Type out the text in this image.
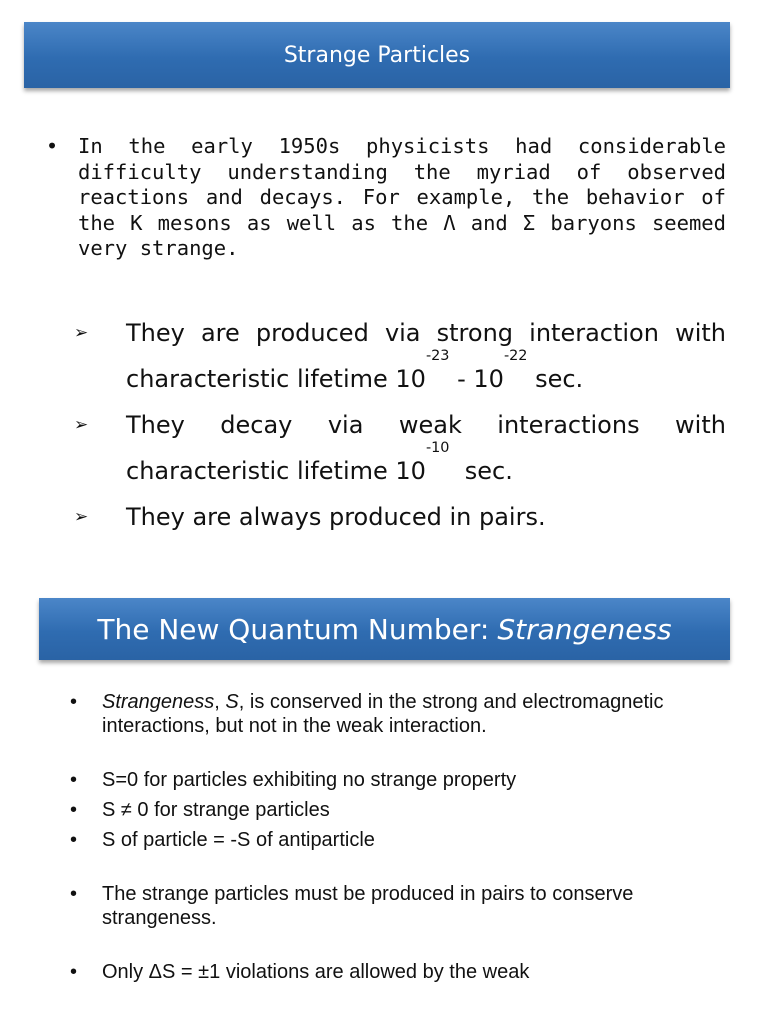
Strange Particles
• In the early 1950s physicists had considerable difficulty understanding the myriad of observed reactions and decays. For example, the behavior of the K mesons as well as the Λ and Σ baryons seemed very strange.
➢ They are produced via strong interaction with
characteristic lifetime 10
-23
- 10
-22
sec.
➢ They decay via weak interactions with
characteristic lifetime 10
-10
sec.
➢ They are always produced in pairs.
The New Quantum Number: Strangeness
• Strangeness, S, is conserved in the strong and electromagnetic interactions, but not in the weak interaction.
• S=0 for particles exhibiting no strange property
• S ≠ 0 for strange particles
• S of particle = -S of antiparticle
• The strange particles must be produced in pairs to conserve strangeness.
• Only ΔS = ±1 violations are allowed by the weak
